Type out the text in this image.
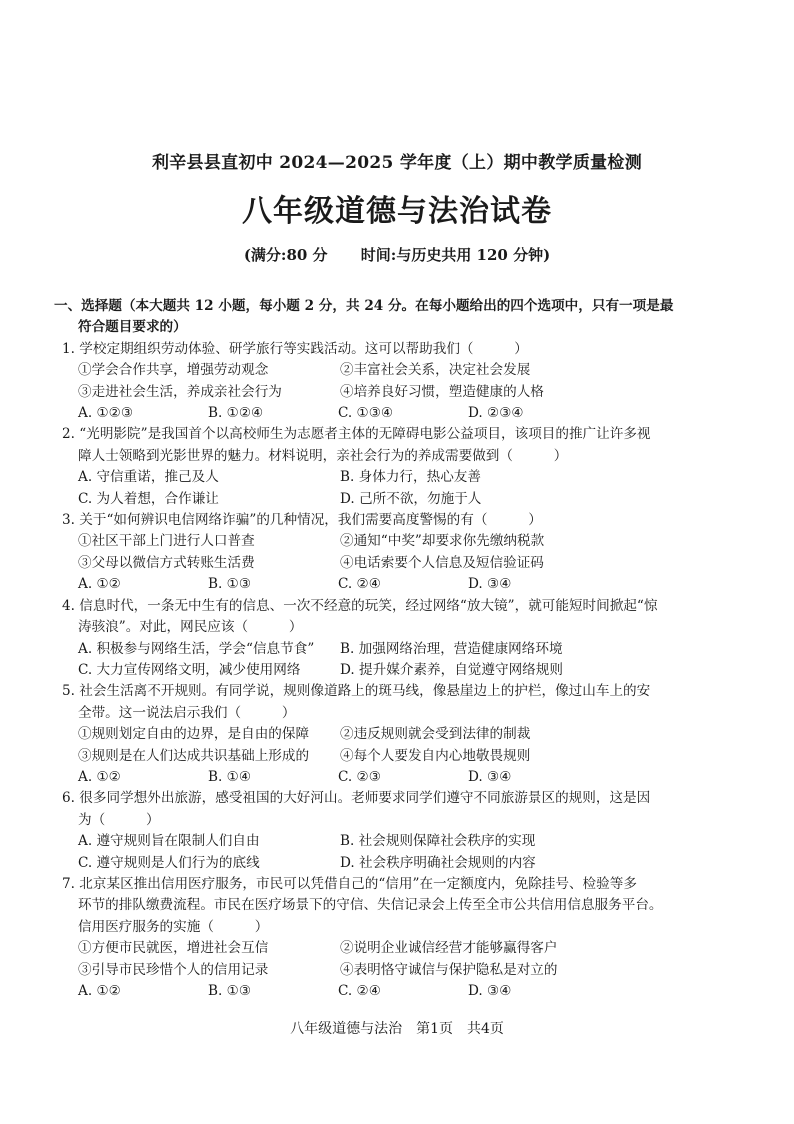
利辛县县直初中 2024—2025 学年度（上）期中教学质量检测
八年级道德与法治试卷
(满分:80 分 时间:与历史共用 120 分钟)
一、选择题（本大题共 12 小题，每小题 2 分，共 24 分。在每小题给出的四个选项中，只有一项是最
符合题目要求的）
1. 学校定期组织劳动体验、研学旅行等实践活动。这可以帮助我们（　　　）
①学会合作共享，增强劳动观念	②丰富社会关系，决定社会发展
③走进社会生活，养成亲社会行为	④培养良好习惯，塑造健康的人格
A. ①②③	B. ①②④	C. ①③④	D. ②③④
2. “光明影院”是我国首个以高校师生为志愿者主体的无障碍电影公益项目，该项目的推广让许多视
障人士领略到光影世界的魅力。材料说明，亲社会行为的养成需要做到（　　　）
A. 守信重诺，推己及人	B. 身体力行，热心友善
C. 为人着想，合作谦让	D. 己所不欲，勿施于人
3. 关于“如何辨识电信网络诈骗”的几种情况，我们需要高度警惕的有（　　　）
①社区干部上门进行人口普查	②通知“中奖”却要求你先缴纳税款
③父母以微信方式转账生活费	④电话索要个人信息及短信验证码
A. ①②	B. ①③	C. ②④	D. ③④
4. 信息时代，一条无中生有的信息、一次不经意的玩笑，经过网络“放大镜”，就可能短时间掀起“惊
涛骇浪”。对此，网民应该（　　　）
A. 积极参与网络生活，学会“信息节食”	B. 加强网络治理，营造健康网络环境
C. 大力宣传网络文明，减少使用网络	D. 提升媒介素养，自觉遵守网络规则
5. 社会生活离不开规则。有同学说，规则像道路上的斑马线，像悬崖边上的护栏，像过山车上的安
全带。这一说法启示我们（　　　）
①规则划定自由的边界，是自由的保障	②违反规则就会受到法律的制裁
③规则是在人们达成共识基础上形成的	④每个人要发自内心地敬畏规则
A. ①②	B. ①④	C. ②③	D. ③④
6. 很多同学想外出旅游，感受祖国的大好河山。老师要求同学们遵守不同旅游景区的规则，这是因
为（　　　）
A. 遵守规则旨在限制人们自由	B. 社会规则保障社会秩序的实现
C. 遵守规则是人们行为的底线	D. 社会秩序明确社会规则的内容
7. 北京某区推出信用医疗服务，市民可以凭借自己的“信用”在一定额度内，免除挂号、检验等多
环节的排队缴费流程。市民在医疗场景下的守信、失信记录会上传至全市公共信用信息服务平台。
信用医疗服务的实施（　　　）
①方便市民就医，增进社会互信	②说明企业诚信经营才能够赢得客户
③引导市民珍惜个人的信用记录	④表明恪守诚信与保护隐私是对立的
A. ①②	B. ①③	C. ②④	D. ③④
八年级道德与法治　第1页　共4页
